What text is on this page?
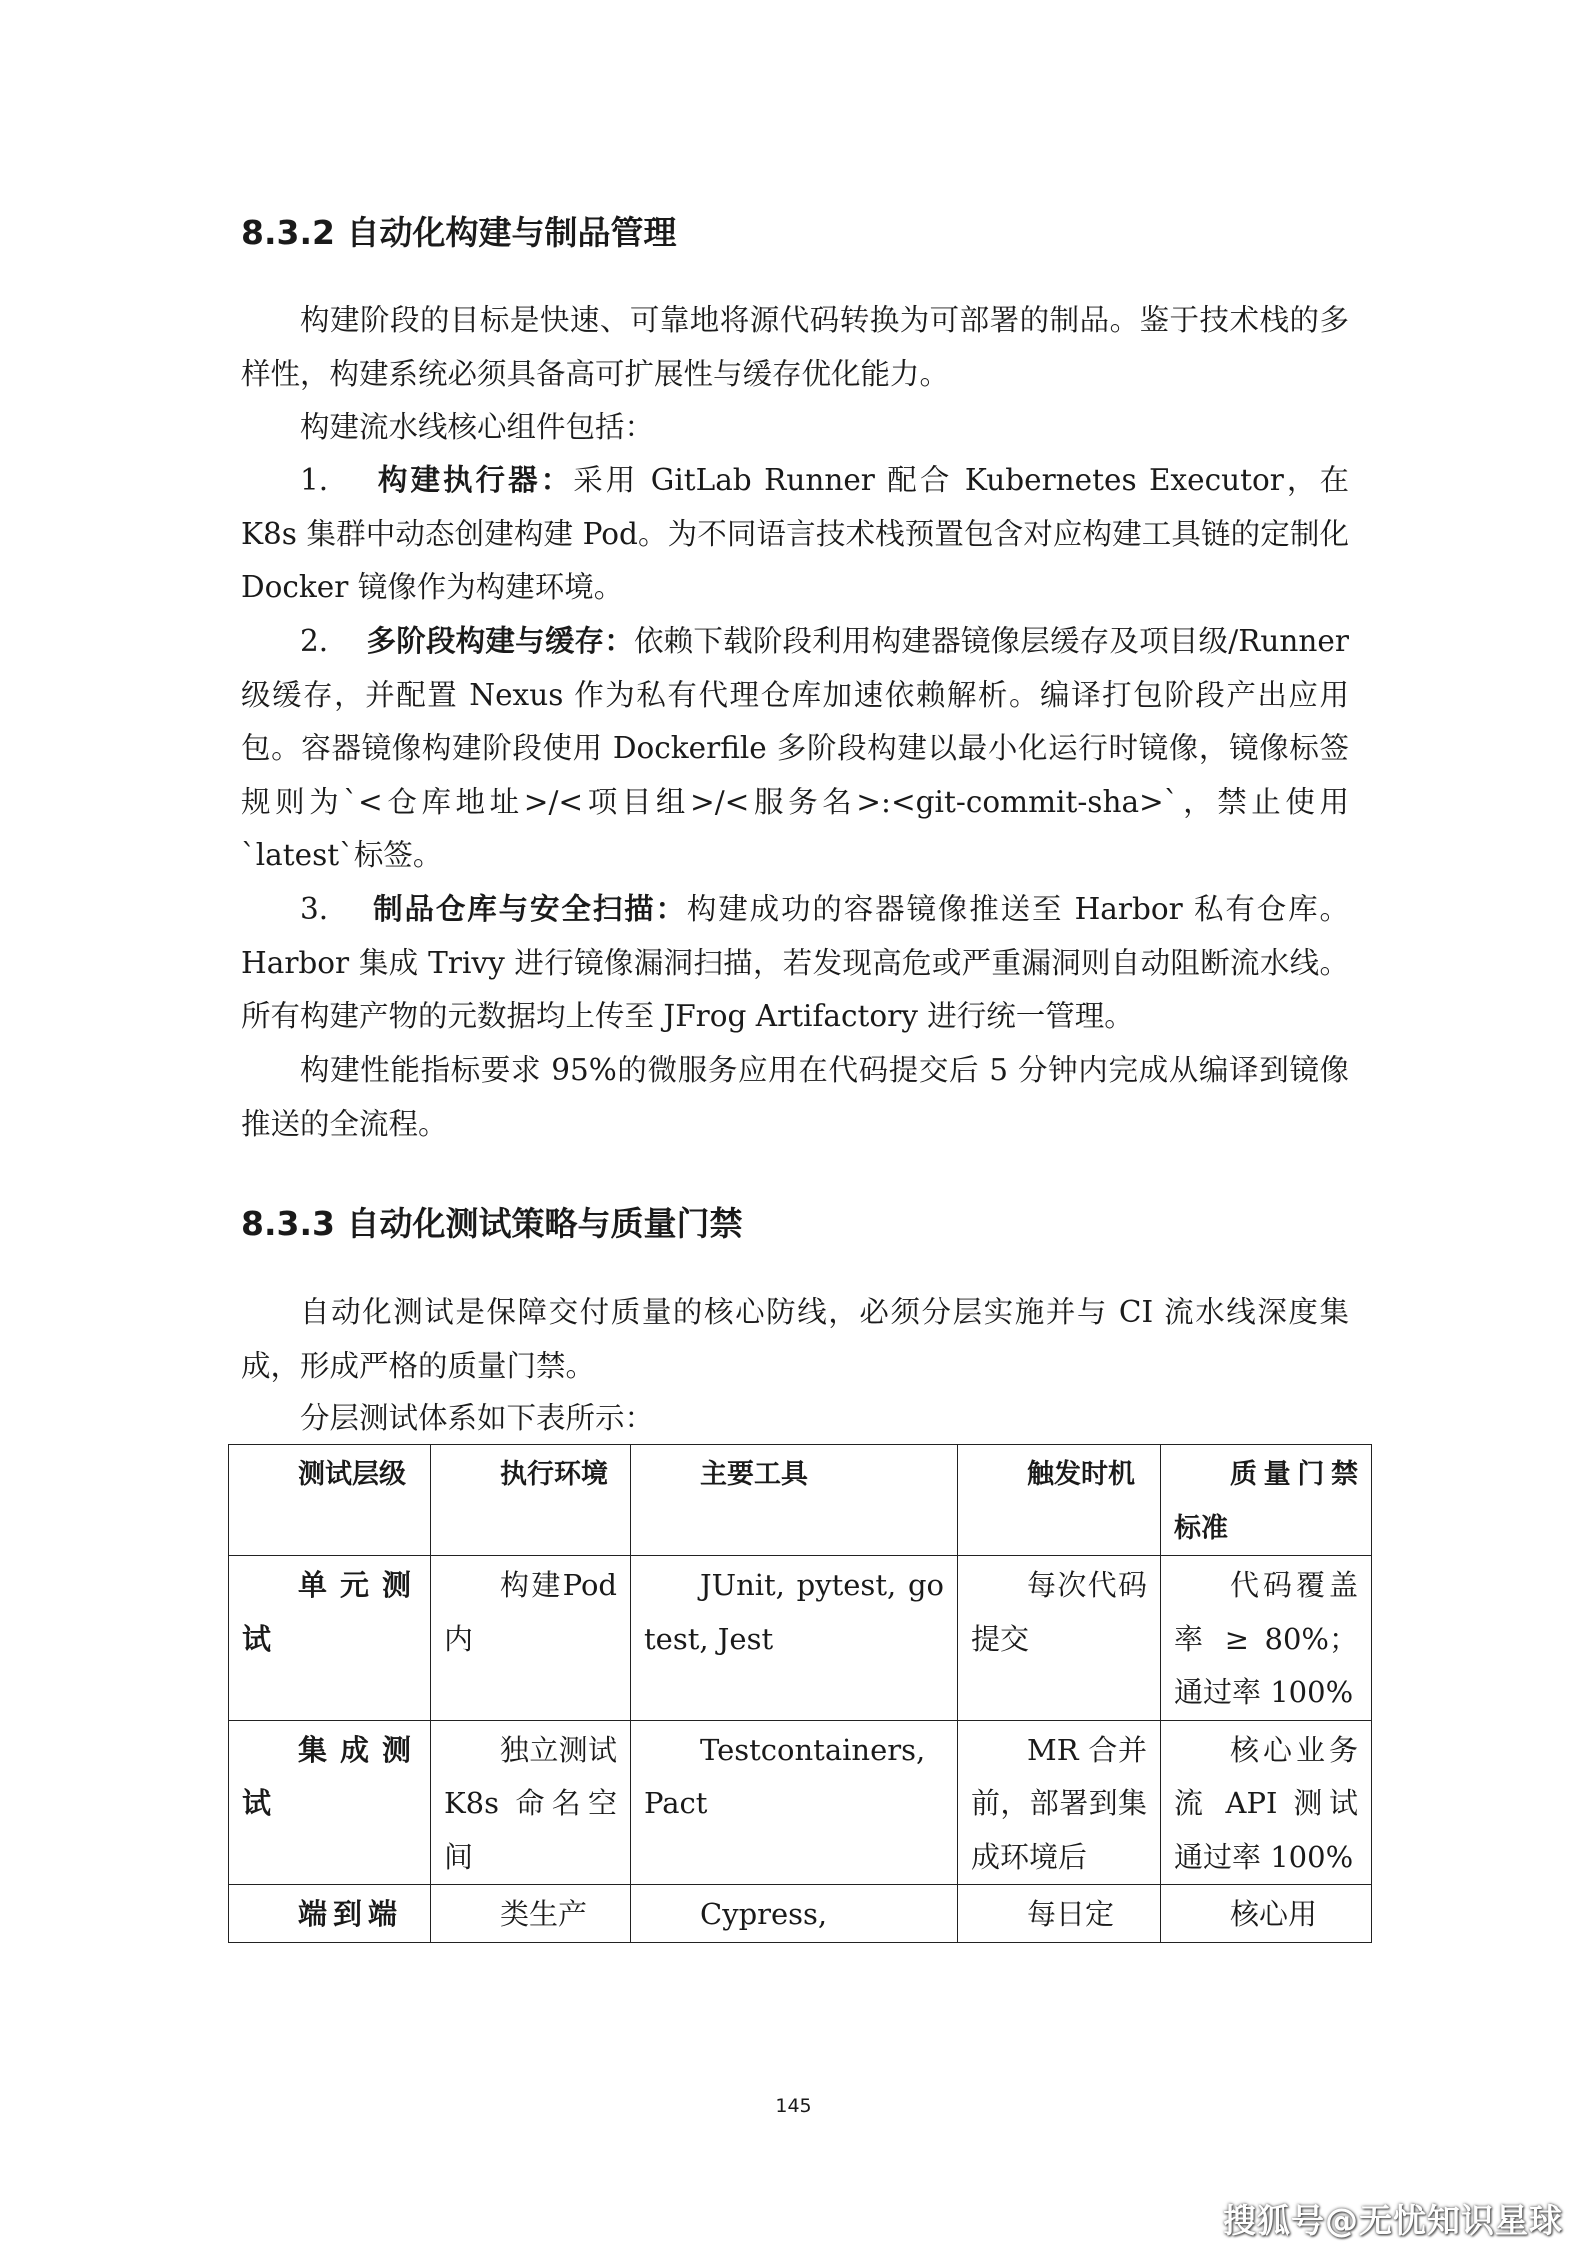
8.3.2 自动化构建与制品管理

构建阶段的目标是快速、可靠地将源代码转换为可部署的制品。鉴于技术栈的多样性，构建系统必须具备高可扩展性与缓存优化能力。

构建流水线核心组件包括：

1. 构建执行器：采用 GitLab Runner 配合 Kubernetes Executor，在 K8s 集群中动态创建构建 Pod。为不同语言技术栈预置包含对应构建工具链的定制化 Docker 镜像作为构建环境。

2. 多阶段构建与缓存：依赖下载阶段利用构建器镜像层缓存及项目级/Runner 级缓存，并配置 Nexus 作为私有代理仓库加速依赖解析。编译打包阶段产出应用包。容器镜像构建阶段使用 Dockerfile 多阶段构建以最小化运行时镜像，镜像标签规则为`<仓库地址>/<项目组>/<服务名>:<git-commit-sha>`，禁止使用`latest`标签。

3. 制品仓库与安全扫描：构建成功的容器镜像推送至 Harbor 私有仓库。Harbor 集成 Trivy 进行镜像漏洞扫描，若发现高危或严重漏洞则自动阻断流水线。所有构建产物的元数据均上传至 JFrog Artifactory 进行统一管理。

构建性能指标要求 95%的微服务应用在代码提交后 5 分钟内完成从编译到镜像推送的全流程。

8.3.3 自动化测试策略与质量门禁

自动化测试是保障交付质量的核心防线，必须分层实施并与 CI 流水线深度集成，形成严格的质量门禁。

分层测试体系如下表所示：

测试层级	执行环境	主要工具	触发时机	质量门禁标准
单元测试	构建Pod 内	JUnit, pytest, go test, Jest	每次代码提交	代码覆盖率 ≥ 80%；通过率 100%
集成测试	独立测试 K8s 命名空间	Testcontainers, Pact	MR 合并前，部署到集成环境后	核心业务流 API 测试通过率 100%
端到端	类生产	Cypress,	每日定	核心用
145
搜狐号@无忧知识星球
